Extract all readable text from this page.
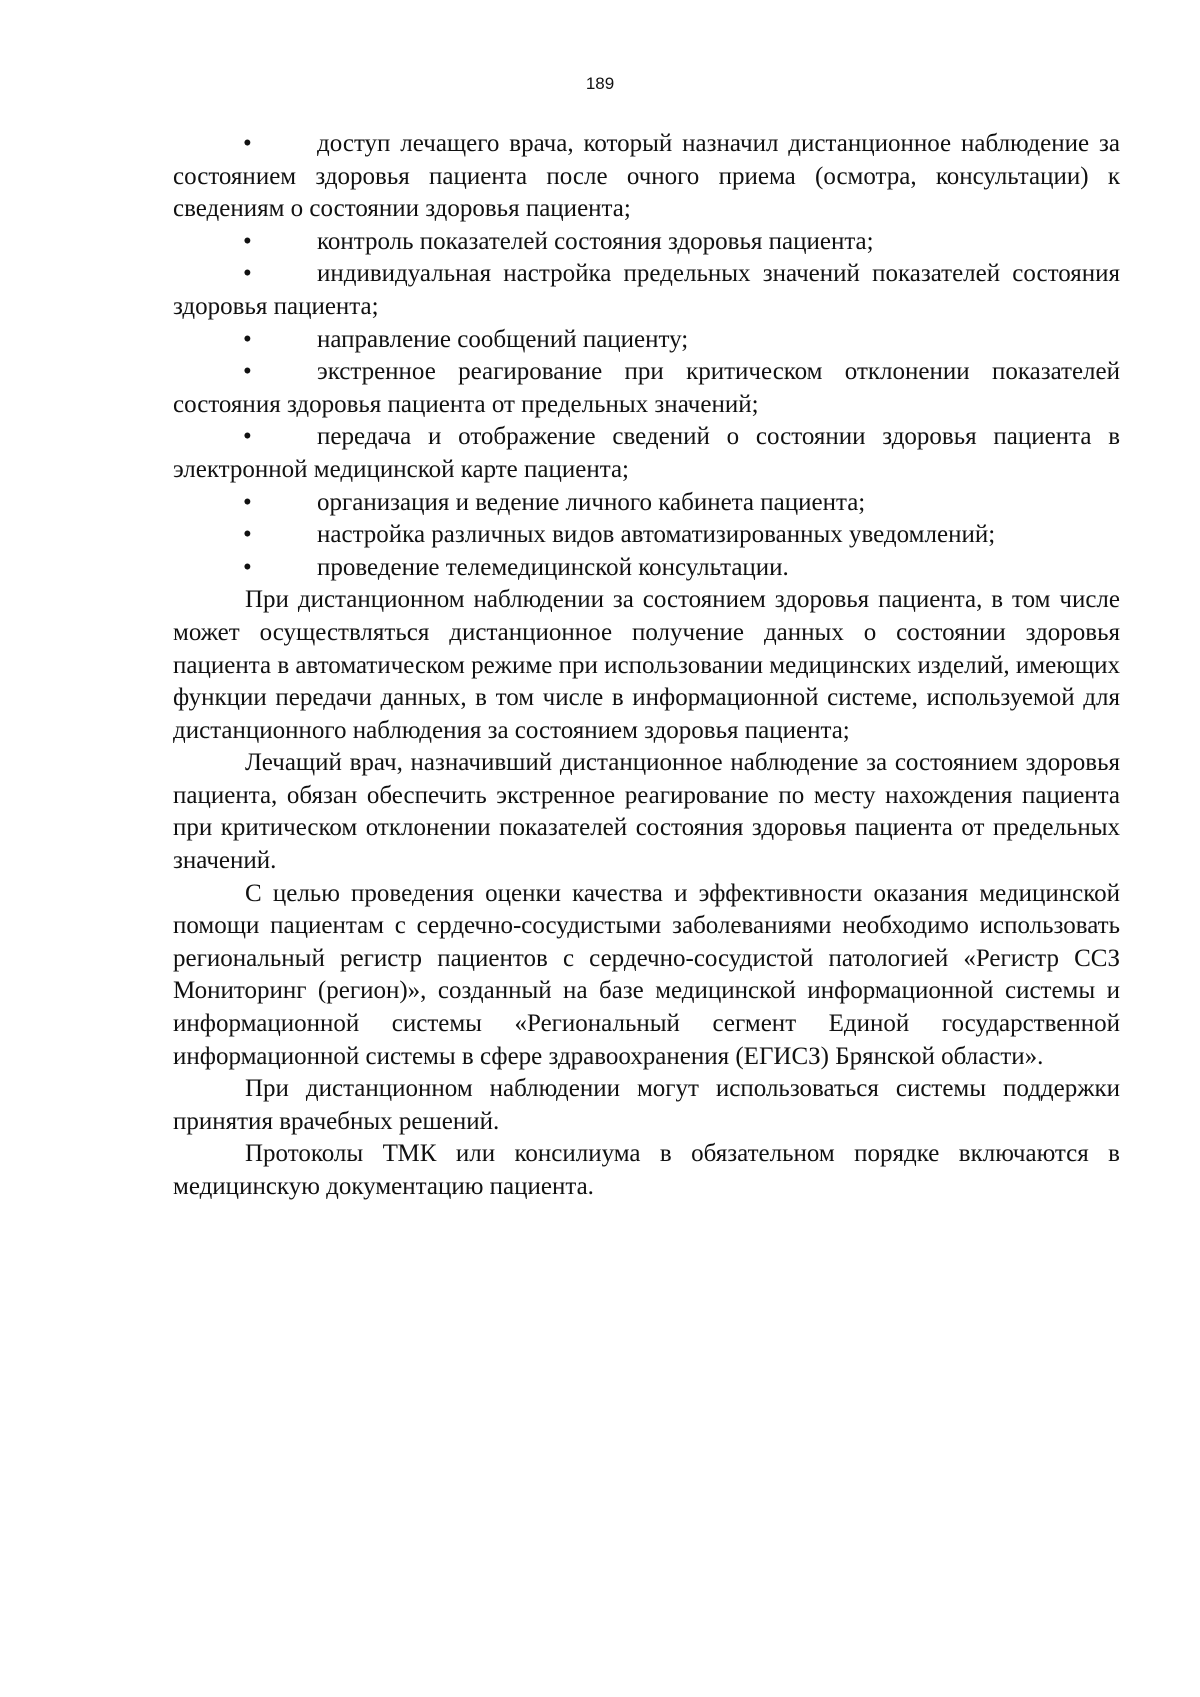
189

•	доступ лечащего врача, который назначил дистанционное наблюдение за состоянием здоровья пациента после очного приема (осмотра, консультации) к сведениям о состоянии здоровья пациента;

•	контроль показателей состояния здоровья пациента;

•	индивидуальная настройка предельных значений показателей состояния здоровья пациента;

•	направление сообщений пациенту;

•	экстренное реагирование при критическом отклонении показателей состояния здоровья пациента от предельных значений;

•	передача и отображение сведений о состоянии здоровья пациента в электронной медицинской карте пациента;

•	организация и ведение личного кабинета пациента;

•	настройка различных видов автоматизированных уведомлений;

•	проведение телемедицинской консультации.

При дистанционном наблюдении за состоянием здоровья пациента, в том числе может осуществляться дистанционное получение данных о состоянии здоровья пациента в автоматическом режиме при использовании медицинских изделий, имеющих функции передачи данных, в том числе в информационной системе, используемой для дистанционного наблюдения за состоянием здоровья пациента;

Лечащий врач, назначивший дистанционное наблюдение за состоянием здоровья пациента, обязан обеспечить экстренное реагирование по месту нахождения пациента при критическом отклонении показателей состояния здоровья пациента от предельных значений.

С целью проведения оценки качества и эффективности оказания медицинской помощи пациентам с сердечно-сосудистыми заболеваниями необходимо использовать региональный регистр пациентов с сердечно-сосудистой патологией «Регистр ССЗ Мониторинг (регион)», созданный на базе медицинской информационной системы и информационной системы «Региональный сегмент Единой государственной информационной системы в сфере здравоохранения (ЕГИСЗ) Брянской области».

При дистанционном наблюдении могут использоваться системы поддержки принятия врачебных решений.

Протоколы ТМК или консилиума в обязательном порядке включаются в медицинскую документацию пациента.
